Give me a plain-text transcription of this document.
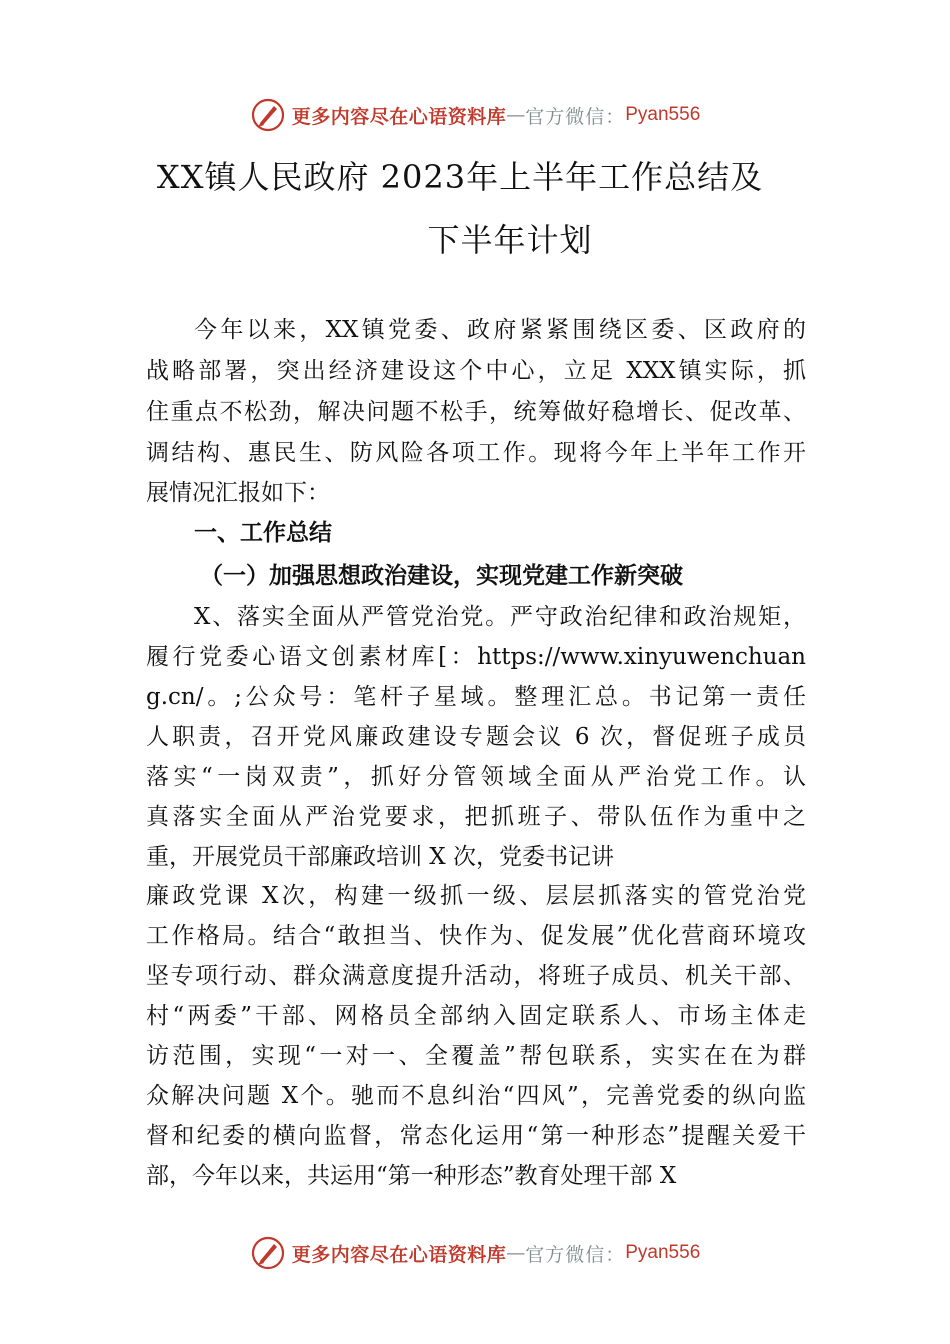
更多内容尽在心语资料库 — 官方微信： Pyan556
XX镇人民政府 2023年上半年工作总结及
下半年计划
今年以来，XX镇党委、政府紧紧围绕区委、区政府的
战略部署，突出经济建设这个中心，立足 XXX镇实际，抓
住重点不松劲，解决问题不松手，统筹做好稳增长、促改革、
调结构、惠民生、防风险各项工作。现将今年上半年工作开
展情况汇报如下：
一、工作总结
（一）加强思想政治建设，实现党建工作新突破
X、落实全面从严管党治党。严守政治纪律和政治规矩，
履行党委心语文创素材库[：https://www.xinyuwenchuan
g.cn/。;公众号：笔杆子星域。整理汇总。书记第一责任
人职责，召开党风廉政建设专题会议 6 次，督促班子成员
落实“一岗双责”，抓好分管领域全面从严治党工作。认
真落实全面从严治党要求，把抓班子、带队伍作为重中之
重，开展党员干部廉政培训 X 次，党委书记讲
廉政党课 X次，构建一级抓一级、层层抓落实的管党治党
工作格局。结合“敢担当、快作为、促发展”优化营商环境攻
坚专项行动、群众满意度提升活动，将班子成员、机关干部、
村“两委”干部、网格员全部纳入固定联系人、市场主体走
访范围，实现“一对一、全覆盖”帮包联系，实实在在为群
众解决问题 X个。驰而不息纠治“四风”，完善党委的纵向监
督和纪委的横向监督，常态化运用“第一种形态”提醒关爱干
部，今年以来，共运用“第一种形态”教育处理干部 X
更多内容尽在心语资料库 — 官方微信： Pyan556
